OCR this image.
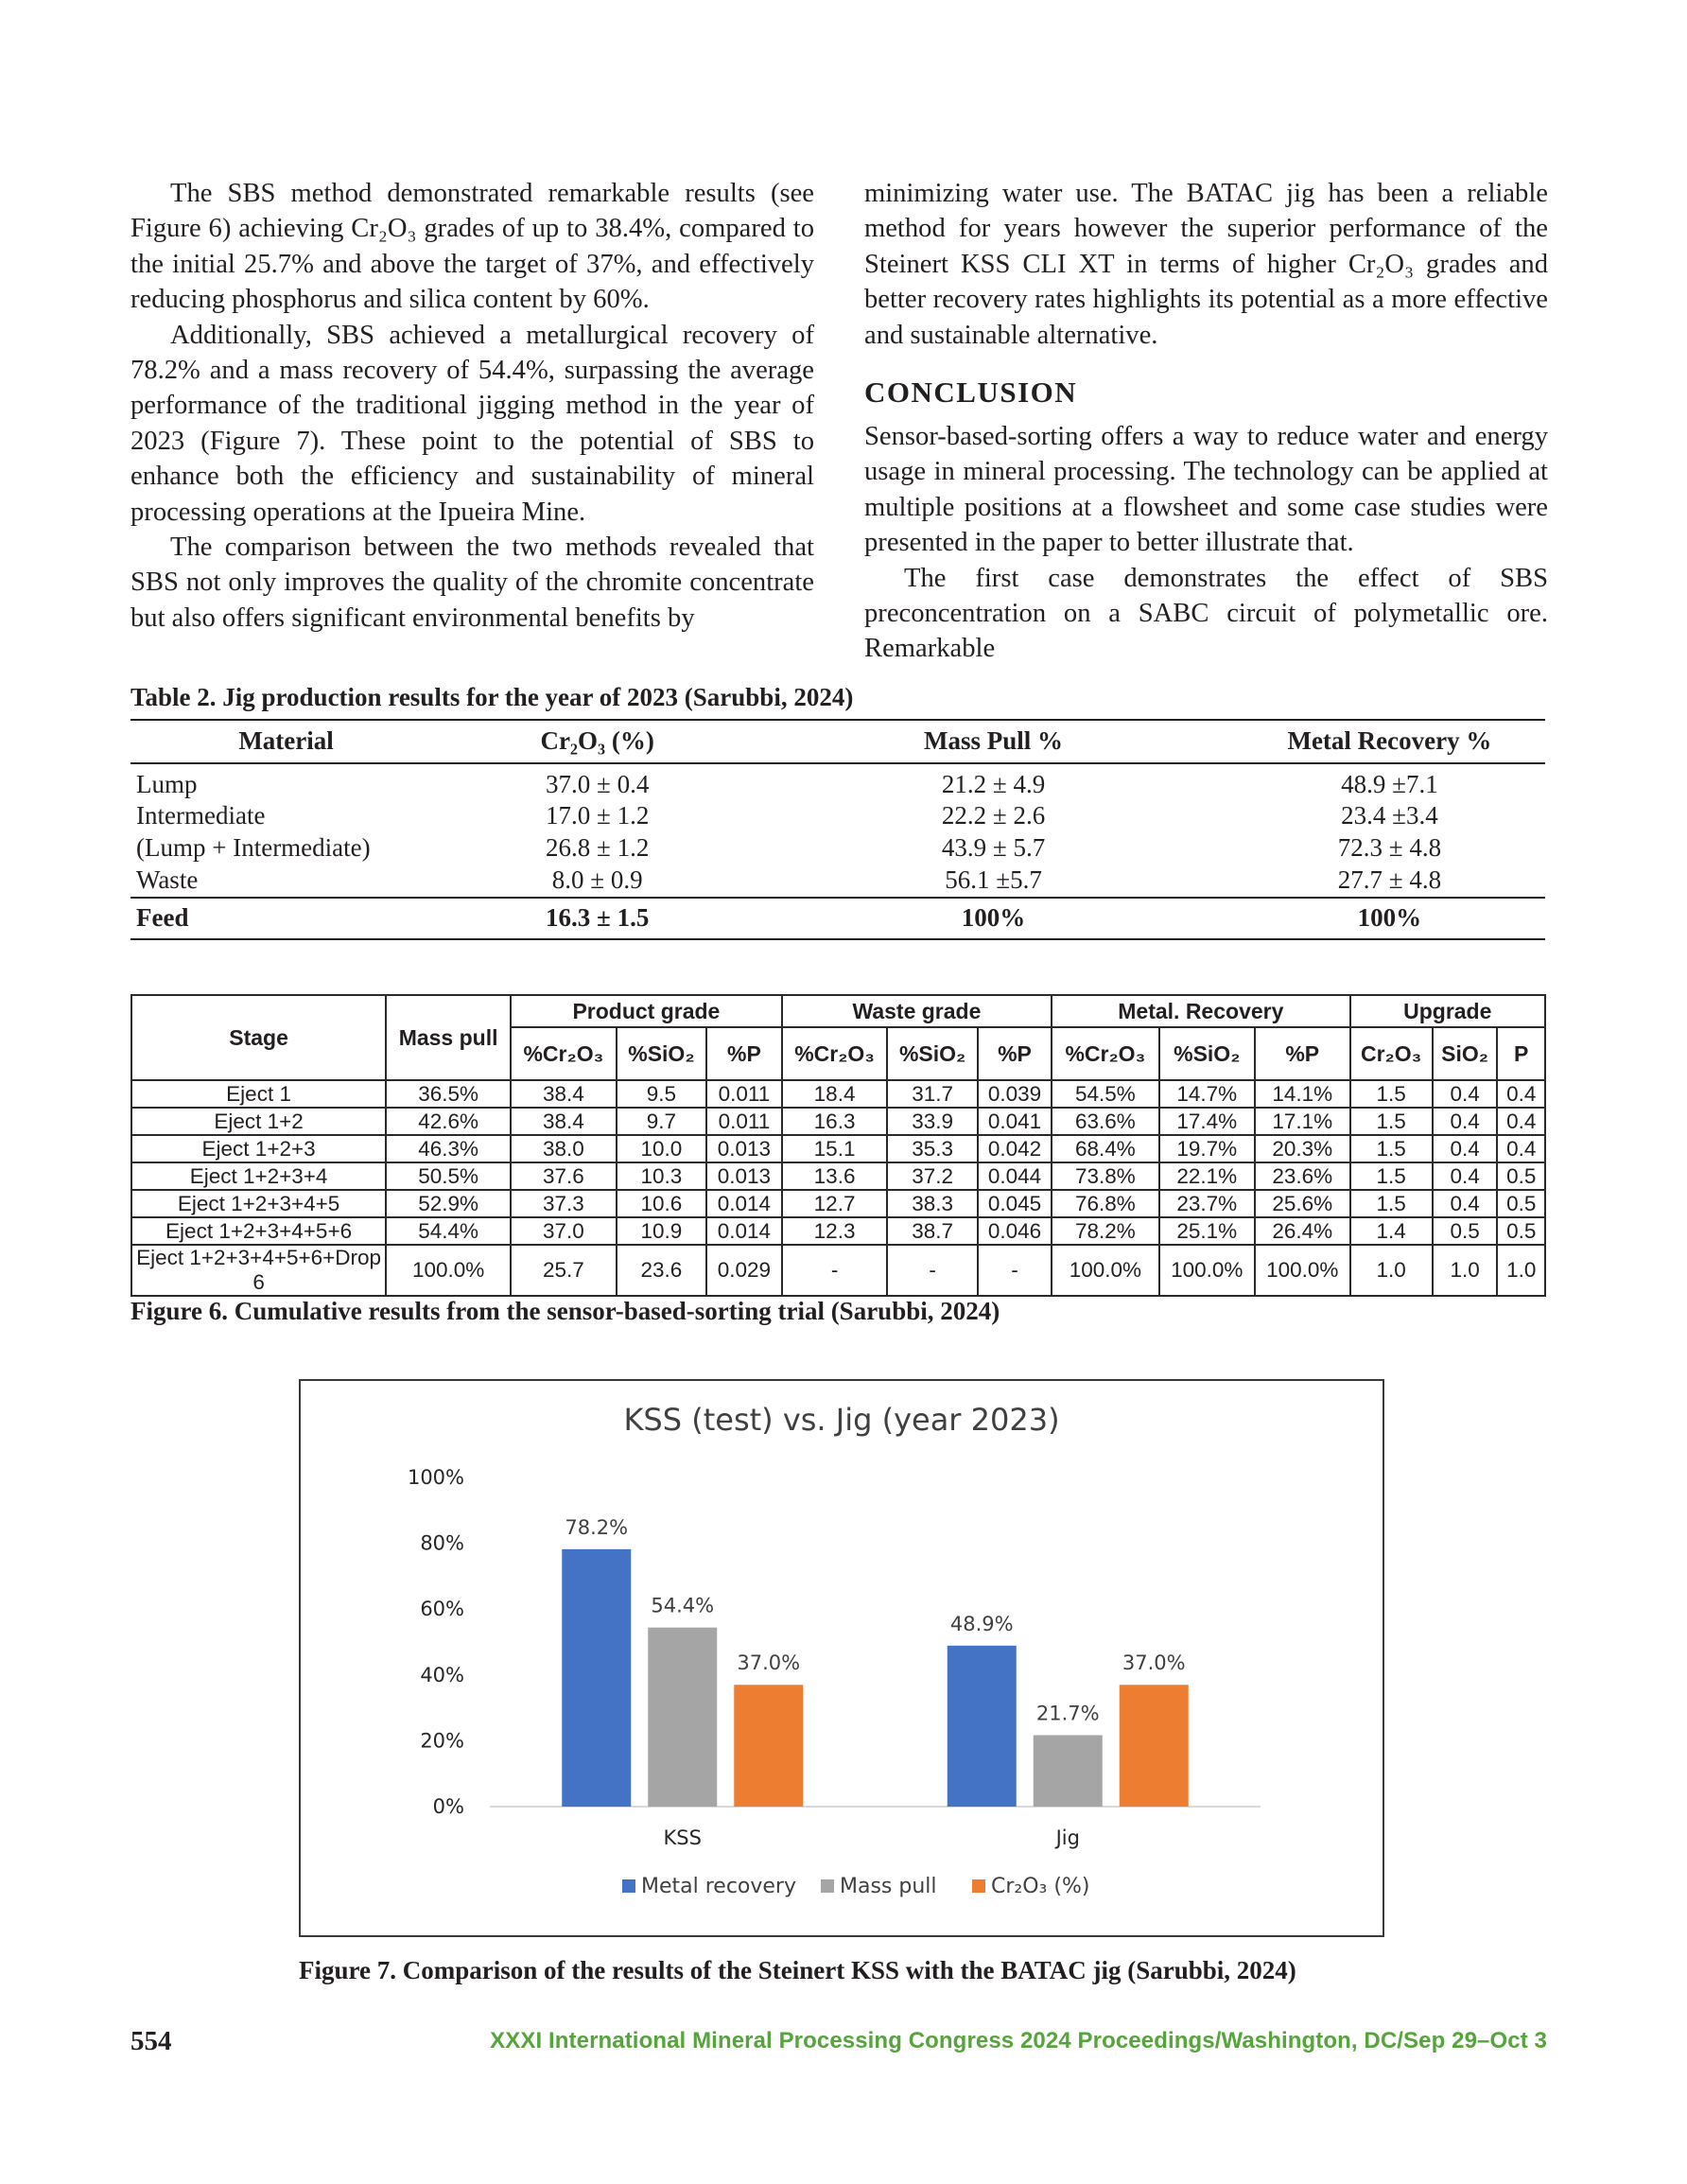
The SBS method demonstrated remarkable results (see Figure 6) achieving Cr₂O₃ grades of up to 38.4%, compared to the initial 25.7% and above the target of 37%, and effectively reducing phosphorus and silica content by 60%.

Additionally, SBS achieved a metallurgical recovery of 78.2% and a mass recovery of 54.4%, surpassing the average performance of the traditional jigging method in the year of 2023 (Figure 7). These point to the potential of SBS to enhance both the efficiency and sustainability of mineral processing operations at the Ipueira Mine.

The comparison between the two methods revealed that SBS not only improves the quality of the chromite concentrate but also offers significant environmental benefits by

minimizing water use. The BATAC jig has been a reliable method for years however the superior performance of the Steinert KSS CLI XT in terms of higher Cr₂O₃ grades and better recovery rates highlights its potential as a more effective and sustainable alternative.

CONCLUSION

Sensor-based-sorting offers a way to reduce water and energy usage in mineral processing. The technology can be applied at multiple positions at a flowsheet and some case studies were presented in the paper to better illustrate that.

The first case demonstrates the effect of SBS preconcentration on a SABC circuit of polymetallic ore. Remarkable

Table 2. Jig production results for the year of 2023 (Sarubbi, 2024)
Material	Cr₂O₃ (%)	Mass Pull %	Metal Recovery %
Lump	37.0 ± 0.4	21.2 ± 4.9	48.9 ±7.1
Intermediate	17.0 ± 1.2	22.2 ± 2.6	23.4 ±3.4
(Lump + Intermediate)	26.8 ± 1.2	43.9 ± 5.7	72.3 ± 4.8
Waste	8.0 ± 0.9	56.1 ±5.7	27.7 ± 4.8
Feed	16.3 ± 1.5	100%	100%
Stage	Mass pull	Product grade			Waste grade			Metal. Recovery			Upgrade		
		%Cr₂O₃	%SiO₂	%P	%Cr₂O₃	%SiO₂	%P	%Cr₂O₃	%SiO₂	%P	Cr₂O₃	SiO₂	P
Eject 1	36.5%	38.4	9.5	0.011	18.4	31.7	0.039	54.5%	14.7%	14.1%	1.5	0.4	0.4
Eject 1+2	42.6%	38.4	9.7	0.011	16.3	33.9	0.041	63.6%	17.4%	17.1%	1.5	0.4	0.4
Eject 1+2+3	46.3%	38.0	10.0	0.013	15.1	35.3	0.042	68.4%	19.7%	20.3%	1.5	0.4	0.4
Eject 1+2+3+4	50.5%	37.6	10.3	0.013	13.6	37.2	0.044	73.8%	22.1%	23.6%	1.5	0.4	0.5
Eject 1+2+3+4+5	52.9%	37.3	10.6	0.014	12.7	38.3	0.045	76.8%	23.7%	25.6%	1.5	0.4	0.5
Eject 1+2+3+4+5+6	54.4%	37.0	10.9	0.014	12.3	38.7	0.046	78.2%	25.1%	26.4%	1.4	0.5	0.5
Eject 1+2+3+4+5+6+Drop 6	100.0%	25.7	23.6	0.029	-	-	-	100.0%	100.0%	100.0%	1.0	1.0	1.0
Figure 6. Cumulative results from the sensor-based-sorting trial (Sarubbi, 2024)
KSS (test) vs. Jig (year 2023)
0%
20%
40%
60%
80%
100%
78.2%
54.4%
37.0%
KSS
48.9%
21.7%
37.0%
Jig
Metal recovery Mass pull	Cr₂O₃ (%)
Figure 7. Comparison of the results of the Steinert KSS with the BATAC jig (Sarubbi, 2024)
554	XXXI International Mineral Processing Congress 2024 Proceedings/Washington, DC/Sep 29–Oct 3
